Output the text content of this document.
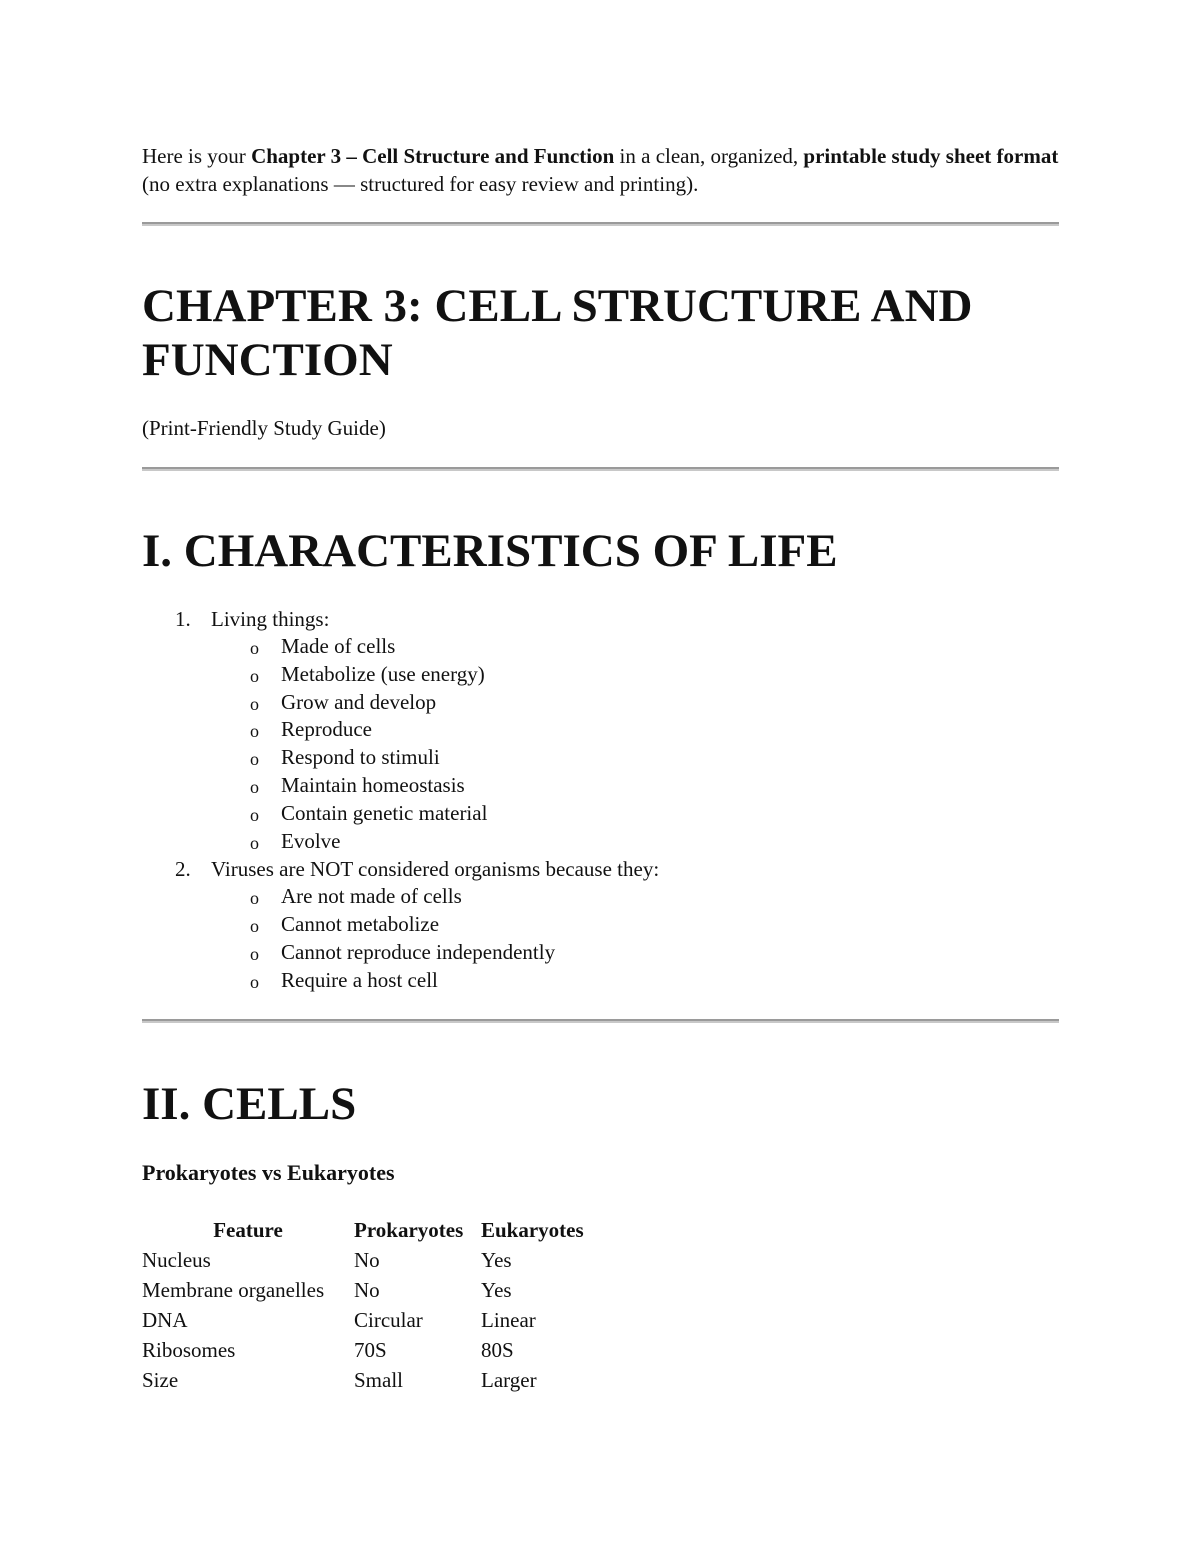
Here is your Chapter 3 – Cell Structure and Function in a clean, organized, printable study sheet format (no extra explanations — structured for easy review and printing).

CHAPTER 3: CELL STRUCTURE AND FUNCTION

(Print-Friendly Study Guide)

I. CHARACTERISTICS OF LIFE
1. Living things:
o Made of cells
o Metabolize (use energy)
o Grow and develop
o Reproduce
o Respond to stimuli
o Maintain homeostasis
o Contain genetic material
o Evolve
2. Viruses are NOT considered organisms because they:
o Are not made of cells
o Cannot metabolize
o Cannot reproduce independently
o Require a host cell
II. CELLS
Prokaryotes vs Eukaryotes
Feature	Prokaryotes	Eukaryotes
Nucleus	No	Yes
Membrane organelles	No	Yes
DNA	Circular	Linear
Ribosomes	70S	80S
Size	Small	Larger
